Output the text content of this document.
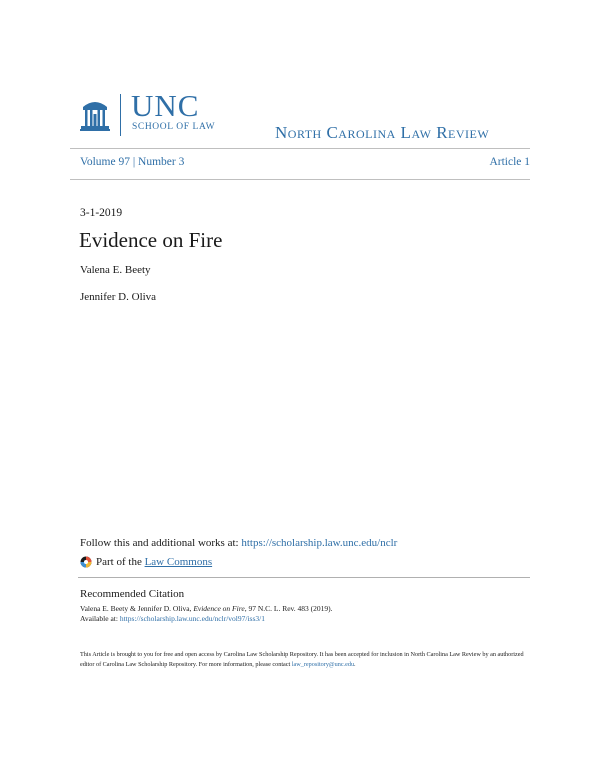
UNC
SCHOOL OF LAW	North Carolina Law Review
Volume 97 | Number 3	Article 1
3-1-2019
Evidence on Fire
Valena E. Beety
Jennifer D. Oliva
Follow this and additional works at: https://scholarship.law.unc.edu/nclr
Part of the
Law Commons
Recommended Citation
Valena E. Beety & Jennifer D. Oliva, Evidence on Fire, 97 N.C. L. Rev. 483 (2019).
Available at: https://scholarship.law.unc.edu/nclr/vol97/iss3/1
This Article is brought to you for free and open access by Carolina Law Scholarship Repository. It has been accepted for inclusion in North Carolina Law Review by an authorized editor of Carolina Law Scholarship Repository. For more information, please contact law_repository@unc.edu.
